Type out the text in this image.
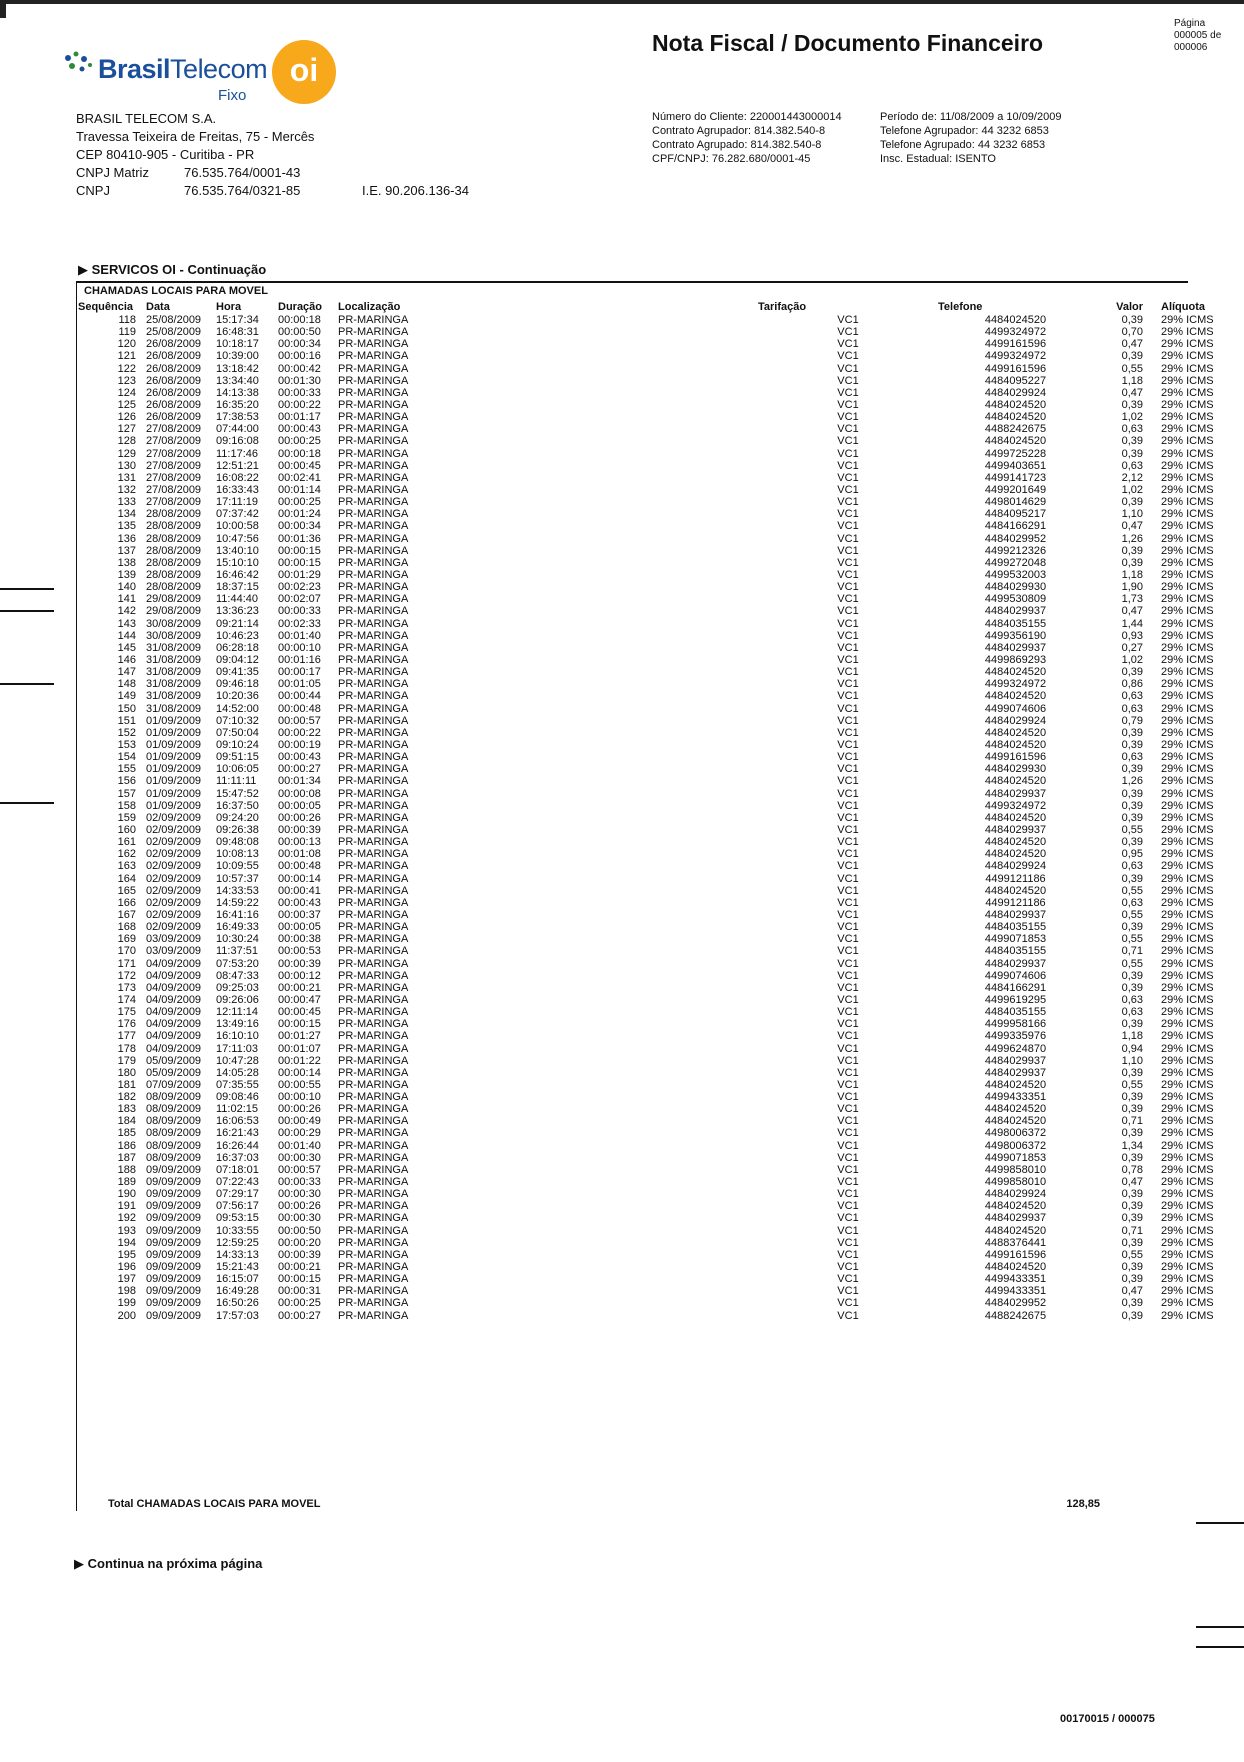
BrasilTelecom
Fixo
oi
BRASIL TELECOM S.A.
Travessa Teixeira de Freitas, 75 - Mercês
CEP 80410-905 - Curitiba - PR
CNPJ Matriz	76.535.764/0001-43
CNPJ	76.535.764/0321-85	I.E. 90.206.136-34
Nota Fiscal / Documento Financeiro
Página
000005 de 000006
Número do Cliente: 220001443000014
Contrato Agrupador: 814.382.540-8
Contrato Agrupado: 814.382.540-8
CPF/CNPJ: 76.282.680/0001-45
Período de: 11/08/2009 a 10/09/2009
Telefone Agrupador: 44 3232 6853
Telefone Agrupado: 44 3232 6853
Insc. Estadual: ISENTO
▶ SERVICOS OI - Continuação
CHAMADAS LOCAIS PARA MOVEL
Sequência	Data	Hora	Duração	Localização	Tarifação	Telefone	Valor	Alíquota
118	25/08/2009	15:17:34	00:00:18	PR-MARINGA	VC1	4484024520	0,39	29% ICMS
119	25/08/2009	16:48:31	00:00:50	PR-MARINGA	VC1	4499324972	0,70	29% ICMS
120	26/08/2009	10:18:17	00:00:34	PR-MARINGA	VC1	4499161596	0,47	29% ICMS
121	26/08/2009	10:39:00	00:00:16	PR-MARINGA	VC1	4499324972	0,39	29% ICMS
122	26/08/2009	13:18:42	00:00:42	PR-MARINGA	VC1	4499161596	0,55	29% ICMS
123	26/08/2009	13:34:40	00:01:30	PR-MARINGA	VC1	4484095227	1,18	29% ICMS
124	26/08/2009	14:13:38	00:00:33	PR-MARINGA	VC1	4484029924	0,47	29% ICMS
125	26/08/2009	16:35:20	00:00:22	PR-MARINGA	VC1	4484024520	0,39	29% ICMS
126	26/08/2009	17:38:53	00:01:17	PR-MARINGA	VC1	4484024520	1,02	29% ICMS
127	27/08/2009	07:44:00	00:00:43	PR-MARINGA	VC1	4488242675	0,63	29% ICMS
128	27/08/2009	09:16:08	00:00:25	PR-MARINGA	VC1	4484024520	0,39	29% ICMS
129	27/08/2009	11:17:46	00:00:18	PR-MARINGA	VC1	4499725228	0,39	29% ICMS
130	27/08/2009	12:51:21	00:00:45	PR-MARINGA	VC1	4499403651	0,63	29% ICMS
131	27/08/2009	16:08:22	00:02:41	PR-MARINGA	VC1	4499141723	2,12	29% ICMS
132	27/08/2009	16:33:43	00:01:14	PR-MARINGA	VC1	4499201649	1,02	29% ICMS
133	27/08/2009	17:11:19	00:00:25	PR-MARINGA	VC1	4498014629	0,39	29% ICMS
134	28/08/2009	07:37:42	00:01:24	PR-MARINGA	VC1	4484095217	1,10	29% ICMS
135	28/08/2009	10:00:58	00:00:34	PR-MARINGA	VC1	4484166291	0,47	29% ICMS
136	28/08/2009	10:47:56	00:01:36	PR-MARINGA	VC1	4484029952	1,26	29% ICMS
137	28/08/2009	13:40:10	00:00:15	PR-MARINGA	VC1	4499212326	0,39	29% ICMS
138	28/08/2009	15:10:10	00:00:15	PR-MARINGA	VC1	4499272048	0,39	29% ICMS
139	28/08/2009	16:46:42	00:01:29	PR-MARINGA	VC1	4499532003	1,18	29% ICMS
140	28/08/2009	18:37:15	00:02:23	PR-MARINGA	VC1	4484029930	1,90	29% ICMS
141	29/08/2009	11:44:40	00:02:07	PR-MARINGA	VC1	4499530809	1,73	29% ICMS
142	29/08/2009	13:36:23	00:00:33	PR-MARINGA	VC1	4484029937	0,47	29% ICMS
143	30/08/2009	09:21:14	00:02:33	PR-MARINGA	VC1	4484035155	1,44	29% ICMS
144	30/08/2009	10:46:23	00:01:40	PR-MARINGA	VC1	4499356190	0,93	29% ICMS
145	31/08/2009	06:28:18	00:00:10	PR-MARINGA	VC1	4484029937	0,27	29% ICMS
146	31/08/2009	09:04:12	00:01:16	PR-MARINGA	VC1	4499869293	1,02	29% ICMS
147	31/08/2009	09:41:35	00:00:17	PR-MARINGA	VC1	4484024520	0,39	29% ICMS
148	31/08/2009	09:46:18	00:01:05	PR-MARINGA	VC1	4499324972	0,86	29% ICMS
149	31/08/2009	10:20:36	00:00:44	PR-MARINGA	VC1	4484024520	0,63	29% ICMS
150	31/08/2009	14:52:00	00:00:48	PR-MARINGA	VC1	4499074606	0,63	29% ICMS
151	01/09/2009	07:10:32	00:00:57	PR-MARINGA	VC1	4484029924	0,79	29% ICMS
152	01/09/2009	07:50:04	00:00:22	PR-MARINGA	VC1	4484024520	0,39	29% ICMS
153	01/09/2009	09:10:24	00:00:19	PR-MARINGA	VC1	4484024520	0,39	29% ICMS
154	01/09/2009	09:51:15	00:00:43	PR-MARINGA	VC1	4499161596	0,63	29% ICMS
155	01/09/2009	10:06:05	00:00:27	PR-MARINGA	VC1	4484029930	0,39	29% ICMS
156	01/09/2009	11:11:11	00:01:34	PR-MARINGA	VC1	4484024520	1,26	29% ICMS
157	01/09/2009	15:47:52	00:00:08	PR-MARINGA	VC1	4484029937	0,39	29% ICMS
158	01/09/2009	16:37:50	00:00:05	PR-MARINGA	VC1	4499324972	0,39	29% ICMS
159	02/09/2009	09:24:20	00:00:26	PR-MARINGA	VC1	4484024520	0,39	29% ICMS
160	02/09/2009	09:26:38	00:00:39	PR-MARINGA	VC1	4484029937	0,55	29% ICMS
161	02/09/2009	09:48:08	00:00:13	PR-MARINGA	VC1	4484024520	0,39	29% ICMS
162	02/09/2009	10:08:13	00:01:08	PR-MARINGA	VC1	4484024520	0,95	29% ICMS
163	02/09/2009	10:09:55	00:00:48	PR-MARINGA	VC1	4484029924	0,63	29% ICMS
164	02/09/2009	10:57:37	00:00:14	PR-MARINGA	VC1	4499121186	0,39	29% ICMS
165	02/09/2009	14:33:53	00:00:41	PR-MARINGA	VC1	4484024520	0,55	29% ICMS
166	02/09/2009	14:59:22	00:00:43	PR-MARINGA	VC1	4499121186	0,63	29% ICMS
167	02/09/2009	16:41:16	00:00:37	PR-MARINGA	VC1	4484029937	0,55	29% ICMS
168	02/09/2009	16:49:33	00:00:05	PR-MARINGA	VC1	4484035155	0,39	29% ICMS
169	03/09/2009	10:30:24	00:00:38	PR-MARINGA	VC1	4499071853	0,55	29% ICMS
170	03/09/2009	11:37:51	00:00:53	PR-MARINGA	VC1	4484035155	0,71	29% ICMS
171	04/09/2009	07:53:20	00:00:39	PR-MARINGA	VC1	4484029937	0,55	29% ICMS
172	04/09/2009	08:47:33	00:00:12	PR-MARINGA	VC1	4499074606	0,39	29% ICMS
173	04/09/2009	09:25:03	00:00:21	PR-MARINGA	VC1	4484166291	0,39	29% ICMS
174	04/09/2009	09:26:06	00:00:47	PR-MARINGA	VC1	4499619295	0,63	29% ICMS
175	04/09/2009	12:11:14	00:00:45	PR-MARINGA	VC1	4484035155	0,63	29% ICMS
176	04/09/2009	13:49:16	00:00:15	PR-MARINGA	VC1	4499958166	0,39	29% ICMS
177	04/09/2009	16:10:10	00:01:27	PR-MARINGA	VC1	4499335976	1,18	29% ICMS
178	04/09/2009	17:11:03	00:01:07	PR-MARINGA	VC1	4499624870	0,94	29% ICMS
179	05/09/2009	10:47:28	00:01:22	PR-MARINGA	VC1	4484029937	1,10	29% ICMS
180	05/09/2009	14:05:28	00:00:14	PR-MARINGA	VC1	4484029937	0,39	29% ICMS
181	07/09/2009	07:35:55	00:00:55	PR-MARINGA	VC1	4484024520	0,55	29% ICMS
182	08/09/2009	09:08:46	00:00:10	PR-MARINGA	VC1	4499433351	0,39	29% ICMS
183	08/09/2009	11:02:15	00:00:26	PR-MARINGA	VC1	4484024520	0,39	29% ICMS
184	08/09/2009	16:06:53	00:00:49	PR-MARINGA	VC1	4484024520	0,71	29% ICMS
185	08/09/2009	16:21:43	00:00:29	PR-MARINGA	VC1	4498006372	0,39	29% ICMS
186	08/09/2009	16:26:44	00:01:40	PR-MARINGA	VC1	4498006372	1,34	29% ICMS
187	08/09/2009	16:37:03	00:00:30	PR-MARINGA	VC1	4499071853	0,39	29% ICMS
188	09/09/2009	07:18:01	00:00:57	PR-MARINGA	VC1	4499858010	0,78	29% ICMS
189	09/09/2009	07:22:43	00:00:33	PR-MARINGA	VC1	4499858010	0,47	29% ICMS
190	09/09/2009	07:29:17	00:00:30	PR-MARINGA	VC1	4484029924	0,39	29% ICMS
191	09/09/2009	07:56:17	00:00:26	PR-MARINGA	VC1	4484024520	0,39	29% ICMS
192	09/09/2009	09:53:15	00:00:30	PR-MARINGA	VC1	4484029937	0,39	29% ICMS
193	09/09/2009	10:33:55	00:00:50	PR-MARINGA	VC1	4484024520	0,71	29% ICMS
194	09/09/2009	12:59:25	00:00:20	PR-MARINGA	VC1	4488376441	0,39	29% ICMS
195	09/09/2009	14:33:13	00:00:39	PR-MARINGA	VC1	4499161596	0,55	29% ICMS
196	09/09/2009	15:21:43	00:00:21	PR-MARINGA	VC1	4484024520	0,39	29% ICMS
197	09/09/2009	16:15:07	00:00:15	PR-MARINGA	VC1	4499433351	0,39	29% ICMS
198	09/09/2009	16:49:28	00:00:31	PR-MARINGA	VC1	4499433351	0,47	29% ICMS
199	09/09/2009	16:50:26	00:00:25	PR-MARINGA	VC1	4484029952	0,39	29% ICMS
200	09/09/2009	17:57:03	00:00:27	PR-MARINGA	VC1	4488242675	0,39	29% ICMS
Total CHAMADAS LOCAIS PARA MOVEL	128,85
▶ Continua na próxima página
00170015 / 000075
